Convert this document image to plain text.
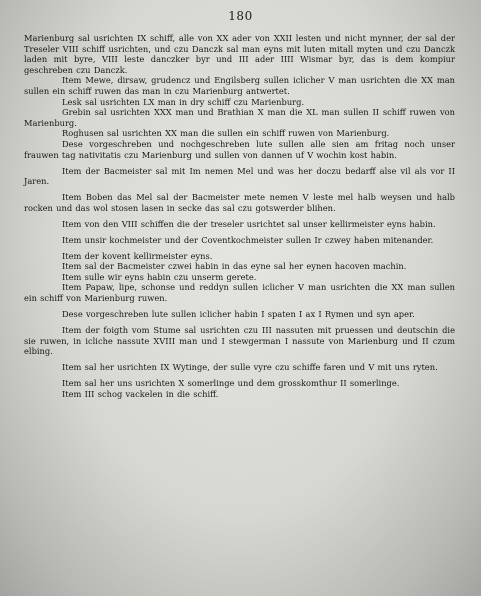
180

Marienburg sal usrichten IX schiff, alle von XX ader von XXII lesten und nicht mynner, der sal der Treseler VIII schiff usrichten, und czu Danczk sal man eyns mit luten mitall myten und czu Danczk laden mit byre, VIII leste danczker byr und III ader IIII Wismar byr, das is dem kompiur geschreben czu Danczk.

Item Mewe, dirsaw, grudencz und Engilsberg sullen iclicher V man usrichten die XX man sullen ein schiff ruwen das man in czu Marienburg antwertet.

Lesk sal usrichten LX man in dry schiff czu Marienburg.

Grebin sal usrichten XXX man und Brathian X man die XL man sullen II schiff ruwen von Marienburg.

Roghusen sal usrichten XX man die sullen ein schiff ruwen von Marienburg.

Dese vorgeschreben und nochgeschreben lute sullen alle sien am fritag noch unser frauwen tag nativitatis czu Marienburg und sullen von dannen uf V wochin kost habin.

Item der Bacmeister sal mit Im nemen Mel und was her doczu bedarff alse vil als vor II Jaren.

Item Boben das Mel sal der Bacmeister mete nemen V leste mel halb weysen und halb rocken und das wol stosen lasen in secke das sal czu gotswerder blihen.

Item von den VIII schiffen die der treseler usrichtet sal unser kellirmeister eyns habin.

Item unsir kochmeister und der Coventkochmeister sullen Ir czwey haben mitenander.

Item der kovent kellirmeister eyns.

Item sal der Bacmeister czwei habin in das eyne sal her eynen hacoven machin.

Item sulle wir eyns habin czu unserm gerete.

Item Papaw, lipe, schonse und reddyn sullen iclicher V man usrichten die XX man sullen ein schiff von Marienburg ruwen.

Dese vorgeschreben lute sullen iclicher habin I spaten I ax I Rymen und syn aper.

Item der foigth vom Stume sal usrichten czu III nassuten mit pruessen und deutschin die sie ruwen, in icliche nassute XVIII man und I stewgerman I nassute von Marienburg und II czum elbing.

Item sal her usrichten IX Wytinge, der sulle vyre czu schiffe faren und V mit uns ryten.

Item sal her uns usrichten X somerlinge und dem grosskomthur II somerlinge.

Item III schog vackelen in die schiff.
